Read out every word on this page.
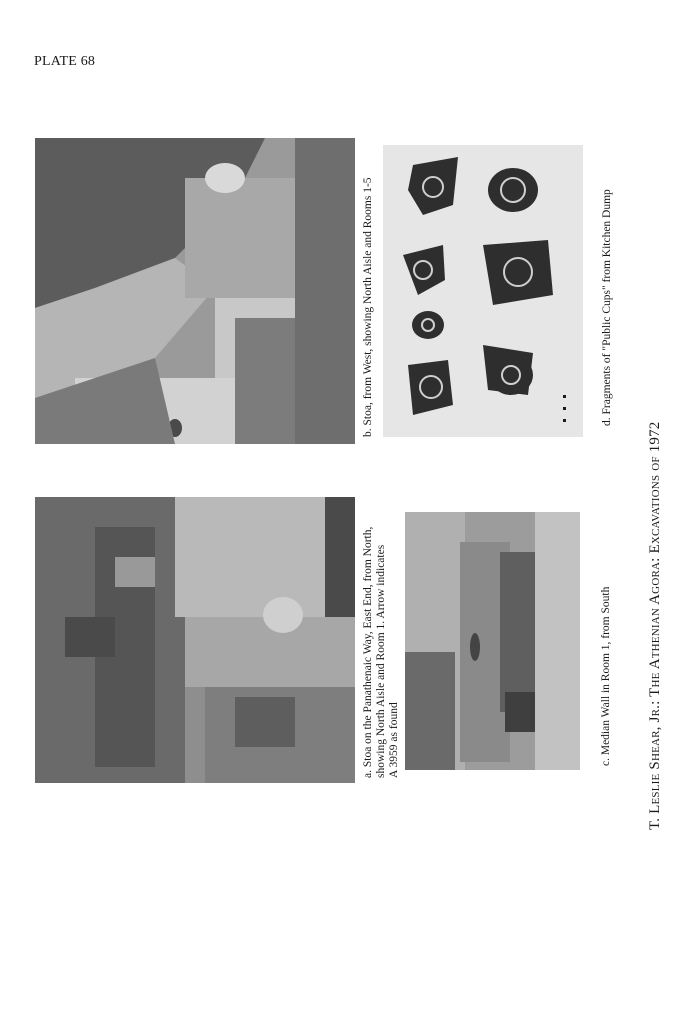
PLATE 68
b. Stoa, from West, showing North Aisle and Rooms 1-5	d. Fragments of "Public Cups" from Kitchen Dump
a. Stoa on the Panathenaic Way, East End, from North, showing North Aisle and Room 1. Arrow indicates A 3959 as found	c. Median Wall in Room 1, from South T. Leslie Shear, Jr.: The Athenian Agora: Excavations of 1972
